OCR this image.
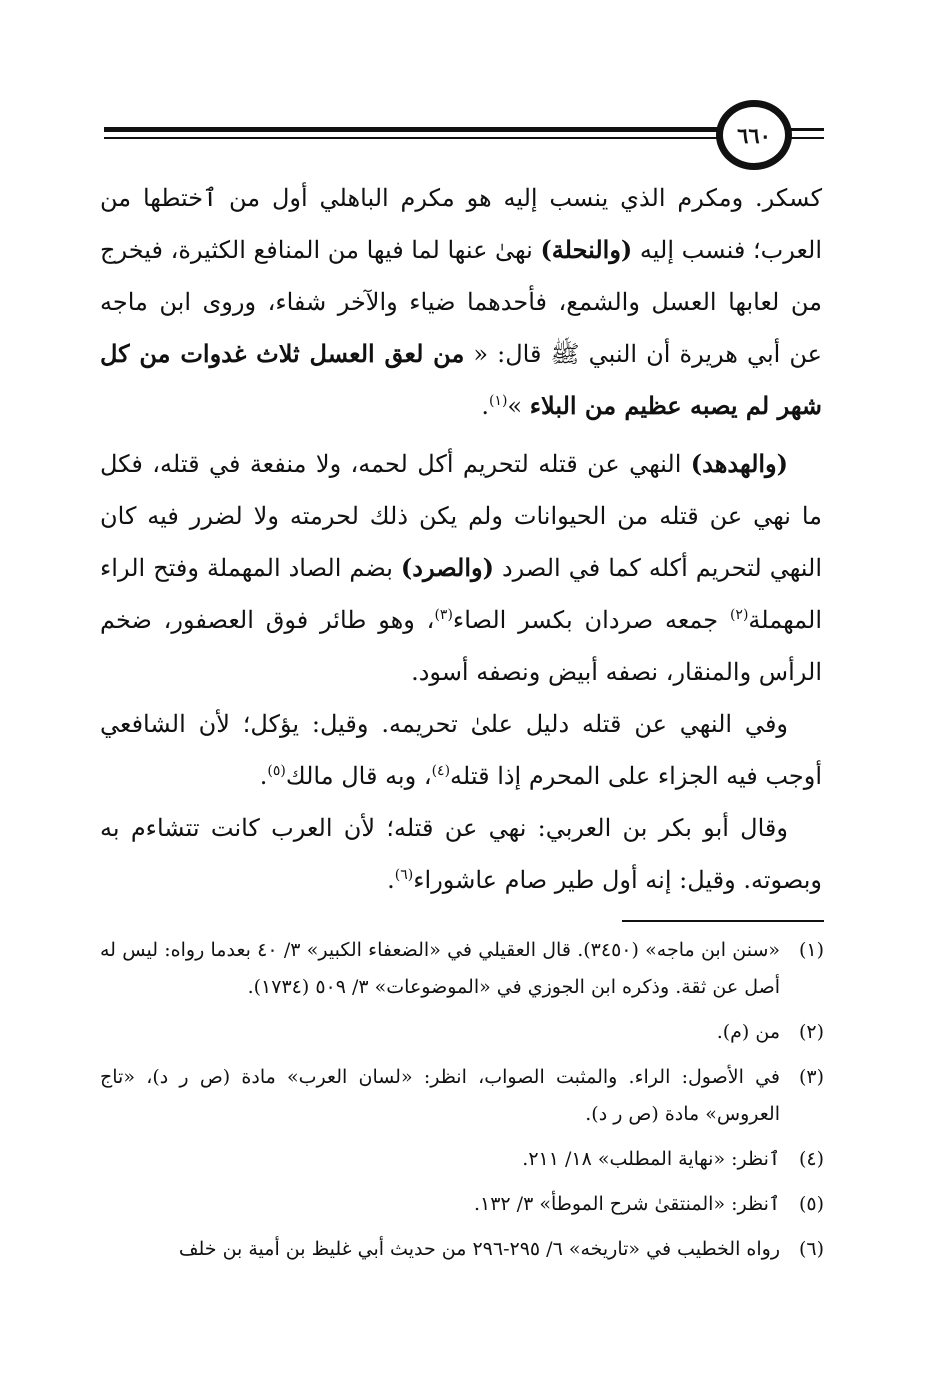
٦٦٠

كسكر. ومكرم الذي ينسب إليه هو مكرم الباهلي أول من ٱختطها من العرب؛ فنسب إليه (والنحلة) نهىٰ عنها لما فيها من المنافع الكثيرة، فيخرج من لعابها العسل والشمع، فأحدهما ضياء والآخر شفاء، وروى ابن ماجه عن أبي هريرة أن النبي ﷺ قال: « من لعق العسل ثلاث غدوات من كل شهر لم يصبه عظيم من البلاء »$^{(١)}$.

(والهدهد) النهي عن قتله لتحريم أكل لحمه، ولا منفعة في قتله، فكل ما نهي عن قتله من الحيوانات ولم يكن ذلك لحرمته ولا لضرر فيه كان النهي لتحريم أكله كما في الصرد (والصرد) بضم الصاد المهملة وفتح الراء المهملة$^{(٢)}$ جمعه صردان بكسر الصاء$^{(٣)}$، وهو طائر فوق العصفور، ضخم الرأس والمنقار، نصفه أبيض ونصفه أسود.

وفي النهي عن قتله دليل علىٰ تحريمه. وقيل: يؤكل؛ لأن الشافعي أوجب فيه الجزاء على المحرم إذا قتله$^{(٤)}$، وبه قال مالك$^{(٥)}$.

وقال أبو بكر بن العربي: نهي عن قتله؛ لأن العرب كانت تتشاءم به وبصوته. وقيل: إنه أول طير صام عاشوراء$^{(٦)}$.

(١)
«سنن ابن ماجه» (٣٤٥٠). قال العقيلي في «الضعفاء الكبير» ٣/ ٤٠ بعدما رواه: ليس له أصل عن ثقة. وذكره ابن الجوزي في «الموضوعات» ٣/ ٥٠٩ (١٧٣٤).
(٢)
من (م).
(٣)
في الأصول: الراء. والمثبت الصواب، انظر: «لسان العرب» مادة (ص ر د)، «تاج العروس» مادة (ص ر د).
(٤)
ٱنظر: «نهاية المطلب» ١٨/ ٢١١.
(٥)
ٱنظر: «المنتقىٰ شرح الموطأ» ٣/ ١٣٢.
(٦)
رواه الخطيب في «تاريخه» ٦/ ٢٩٥-٢٩٦ من حديث أبي غليظ بن أمية بن خلف
